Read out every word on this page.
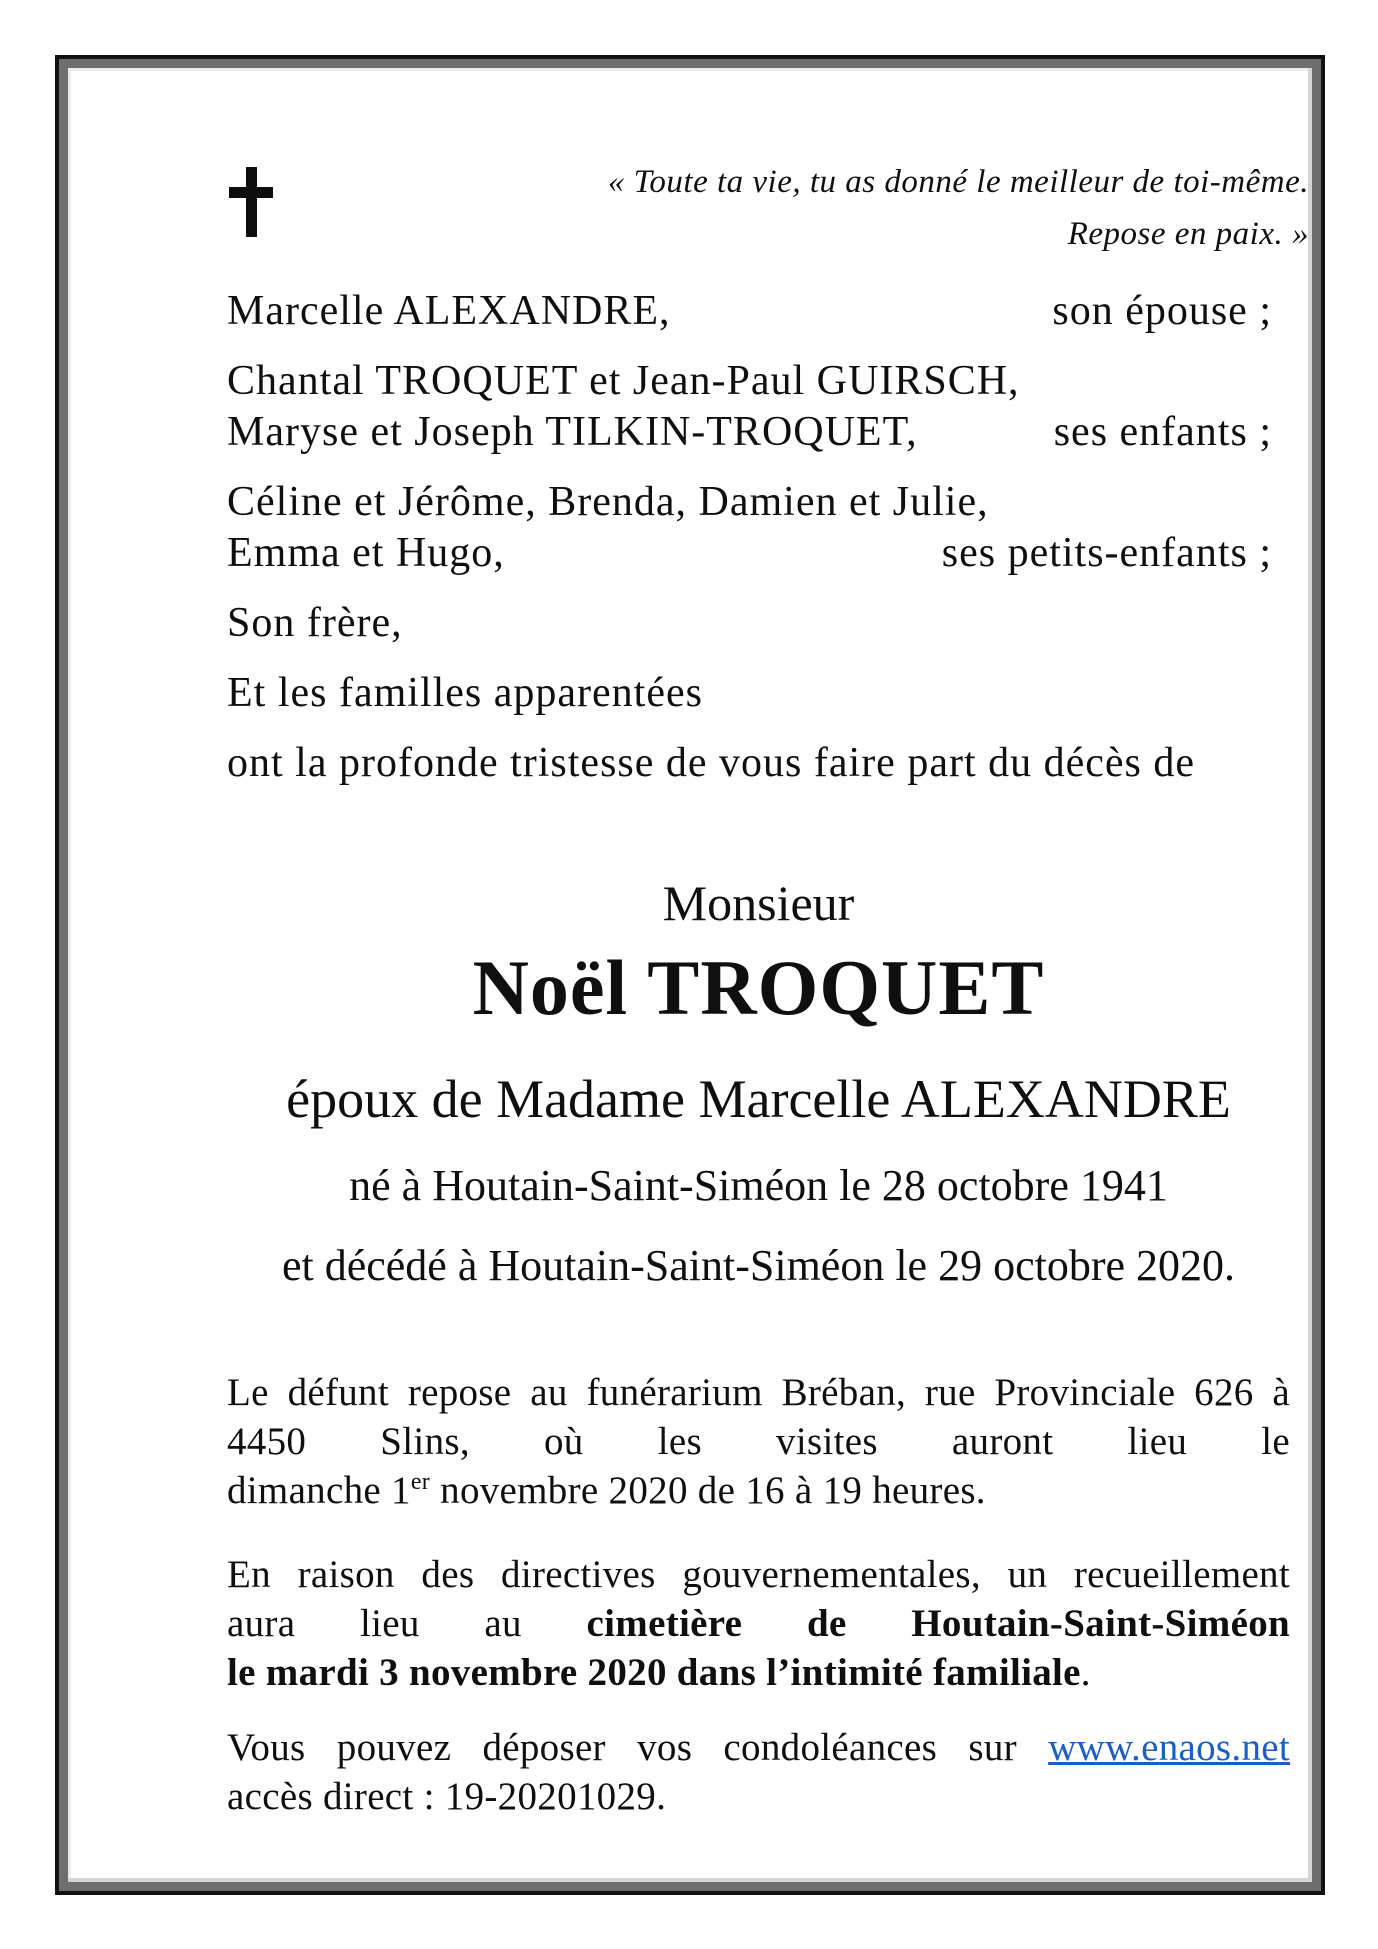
« Toute ta vie, tu as donné le meilleur de toi-même.
Repose en paix. »
Marcelle ALEXANDRE,	son épouse ;
Chantal TROQUET et Jean-Paul GUIRSCH,
Maryse et Joseph TILKIN-TROQUET,	ses enfants ;
Céline et Jérôme, Brenda, Damien et Julie,
Emma et Hugo,	ses petits-enfants ;
Son frère,
Et les familles apparentées
ont la profonde tristesse de vous faire part du décès de
Monsieur
Noël TROQUET
époux de Madame Marcelle ALEXANDRE
né à Houtain-Saint-Siméon le 28 octobre 1941
et décédé à Houtain-Saint-Siméon le 29 octobre 2020.
Le défunt repose au funérarium Bréban, rue Provinciale 626 à
4450 Slins, où les visites auront lieu le
dimanche 1er novembre 2020 de 16 à 19 heures.
En raison des directives gouvernementales, un recueillement
aura lieu au cimetière de Houtain-Saint-Siméon
le mardi 3 novembre 2020 dans l’intimité familiale.
Vous pouvez déposer vos condoléances sur www.enaos.net
accès direct : 19-20201029.
